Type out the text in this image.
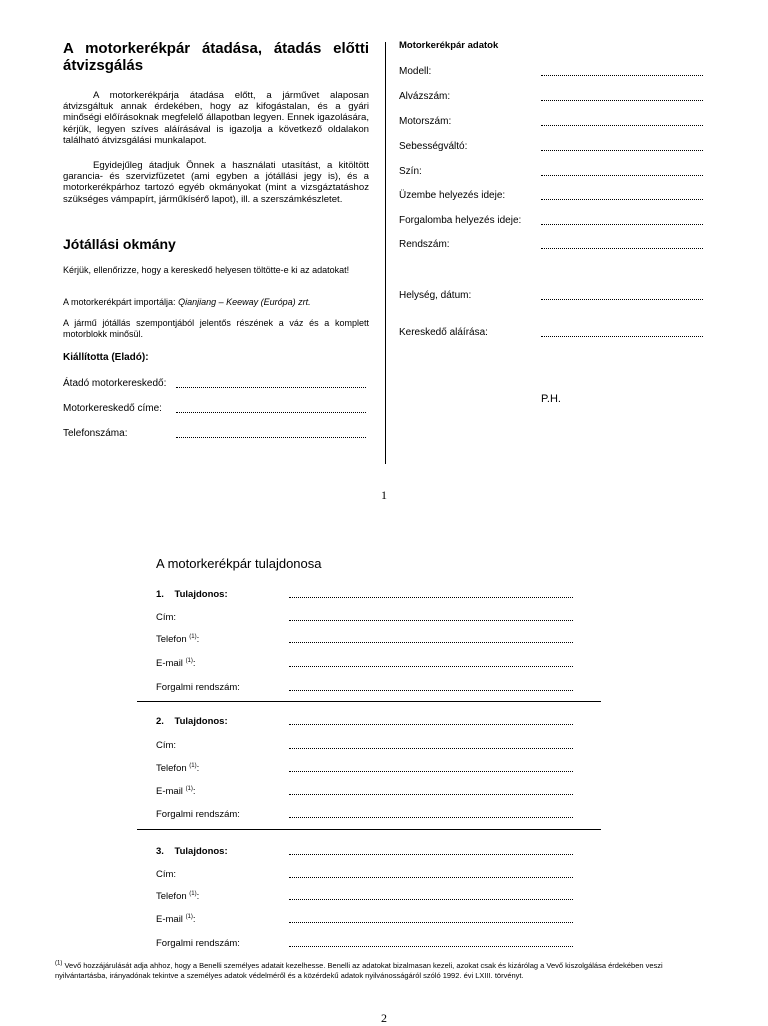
A motorkerékpár átadása, átadás előtti átvizsgálás
A motorkerékpárja átadása előtt, a járművet alaposan átvizsgáltuk annak érdekében, hogy az kifogástalan, és a gyári minőségi előírásoknak megfelelő állapotban legyen. Ennek igazolására, kérjük, legyen szíves aláírásával is igazolja a következő oldalakon található átvizsgálási munkalapot.
Egyidejűleg átadjuk Önnek a használati utasítást, a kitöltött garancia- és szervizfüzetet (ami egyben a jótállási jegy is), és a motorkerékpárhoz tartozó egyéb okmányokat (mint a vizsgáztatáshoz szükséges vámpapírt, járműkísérő lapot), ill. a szerszámkészletet.
Jótállási okmány
Kérjük, ellenőrizze, hogy a kereskedő helyesen töltötte-e ki az adatokat!
A motorkerékpárt importálja: Qianjiang – Keeway (Európa) zrt.
A jármű jótállás szempontjából jelentős részének a váz és a komplett motorblokk minősül.
Kiállította (Eladó):
Átadó motorkereskedő:
Motorkereskedő címe:
Telefonszáma:
Motorkerékpár adatok
Modell:
Alvázszám:
Motorszám:
Sebességváltó:
Szín:
Üzembe helyezés ideje:
Forgalomba helyezés ideje:
Rendszám:
Helység, dátum:
Kereskedő aláírása:
P.H.
1
A motorkerékpár tulajdonosa
1. Tulajdonos:
Cím:
Telefon $^{(1)}$:
E-mail $^{(1)}$:
Forgalmi rendszám:
2. Tulajdonos:
Cím:
Telefon $^{(1)}$:
E-mail $^{(1)}$:
Forgalmi rendszám:
3. Tulajdonos:
Cím:
Telefon $^{(1)}$:
E-mail $^{(1)}$:
Forgalmi rendszám:
$^{(1)}$ Vevő hozzájárulását adja ahhoz, hogy a Benelli személyes adatait kezelhesse. Benelli az adatokat bizalmasan kezeli, azokat csak és kizárólag a Vevő kiszolgálása érdekében veszi nyilvántartásba, irányadónak tekintve a személyes adatok védelméről és a közérdekű adatok nyilvánosságáról szóló 1992. évi LXIII. törvényt.
2
